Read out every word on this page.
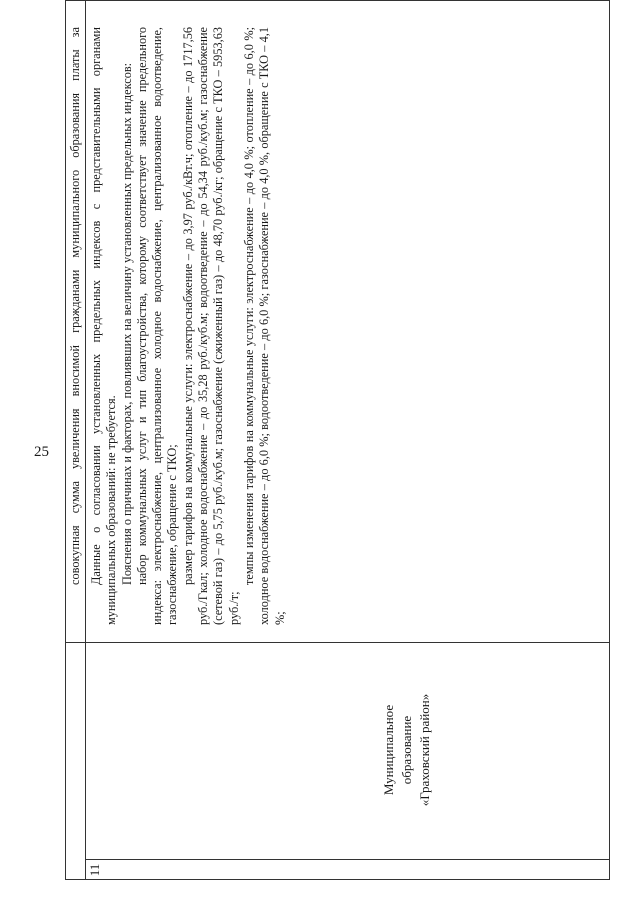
25

совокупная сумма увеличения вносимой гражданами муниципального образования платы за

11
Муниципальное образование «Граховский район»

Данные о согласовании установленных предельных индексов с представительными органами муниципальных образований: не требуется. Пояснения о причинах и факторах, повлиявших на величину установленных предельных индексов: набор коммунальных услуг и тип благоустройства, которому соответствует значение предельного индекса: электроснабжение, централизованное холодное водоснабжение, централизованное водоотведение, газоснабжение, обращение с ТКО; размер тарифов на коммунальные услуги: электроснабжение – до 3,97 руб./кВт.ч; отопление – до 1717,56 руб./Гкал; холодное водоснабжение – до 35,28 руб./куб.м; водоотведение – до 54,34 руб./куб.м; газоснабжение (сетевой газ) – до 5,75 руб./куб.м; газоснабжение (сжиженный газ) – до 48,70 руб./кг; обращение с ТКО – 5953,63 руб./т;

темпы изменения тарифов на коммунальные услуги: электроснабжение – до 4,0 %; отопление – до 6,0 %; холодное водоснабжение – до 6,0 %; водоотведение – до 6,0 %; газоснабжение – до 4,0 %, обращение с ТКО – 4,1 %;
